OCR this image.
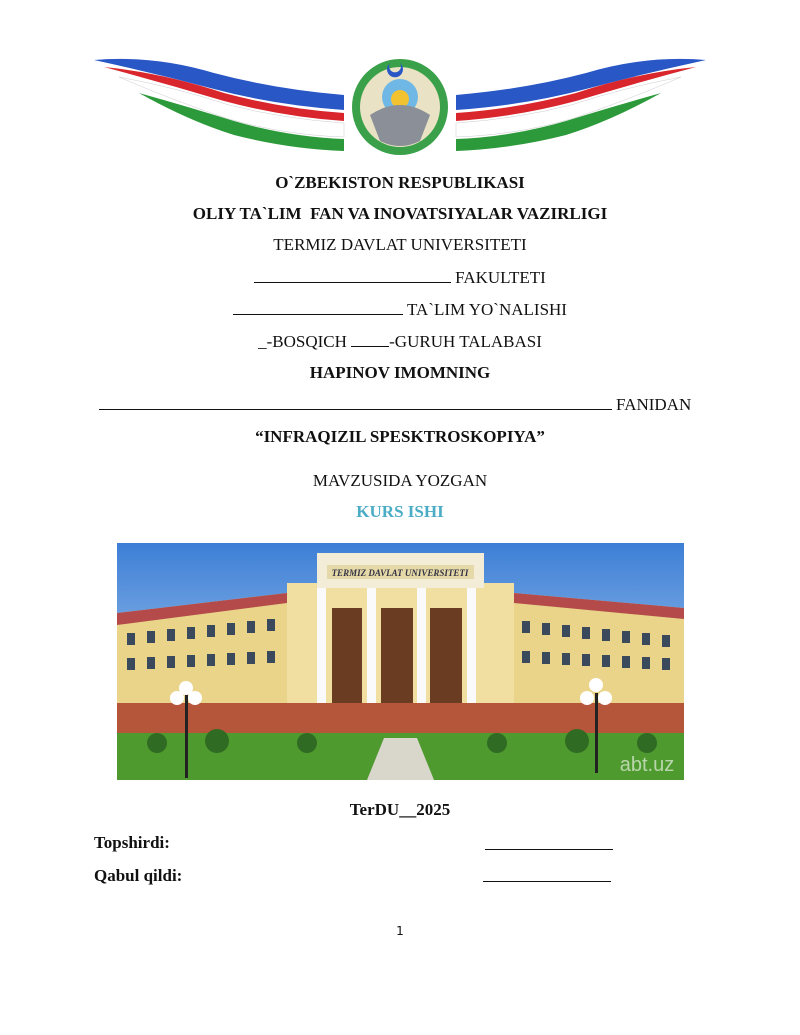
O`ZBEKISTON RESPUBLIKASI
OLIY TA`LIM  FAN VA INOVATSIYALAR VAZIRLIGI
TERMIZ DAVLAT UNIVERSITETI
FAKULTETI
TA`LIM YO`NALISHI
_-BOSQICH -GURUH TALABASI
HAPINOV IMOMNING
FANIDAN
“INFRAQIZIL SPESKTROSKOPIYA”
MAVZUSIDA YOZGAN
KURS ISHI
TERMIZ DAVLAT UNIVERSITETI
abt.uz
TerDU__2025
Topshirdi:
Qabul qildi:
1
